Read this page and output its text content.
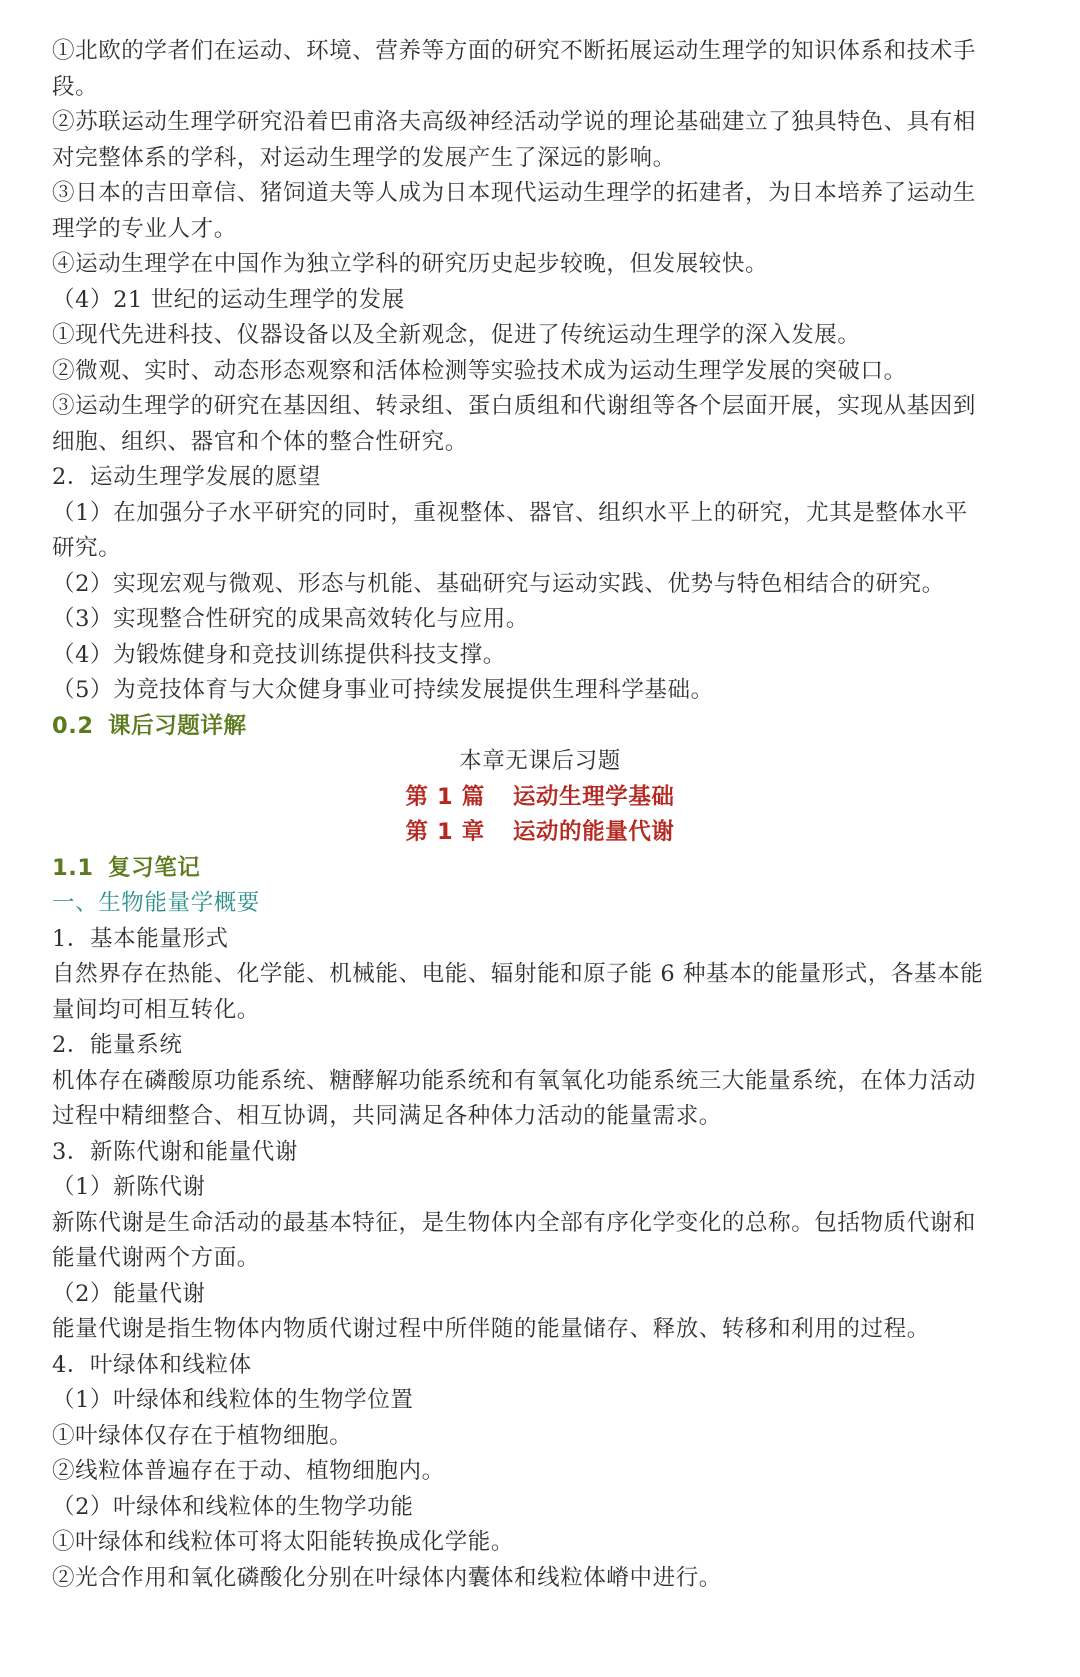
①北欧的学者们在运动、环境、营养等方面的研究不断拓展运动生理学的知识体系和技术手
段。
②苏联运动生理学研究沿着巴甫洛夫高级神经活动学说的理论基础建立了独具特色、具有相
对完整体系的学科，对运动生理学的发展产生了深远的影响。
③日本的吉田章信、猪饲道夫等人成为日本现代运动生理学的拓建者，为日本培养了运动生
理学的专业人才。
④运动生理学在中国作为独立学科的研究历史起步较晚，但发展较快。
（4）21 世纪的运动生理学的发展
①现代先进科技、仪器设备以及全新观念，促进了传统运动生理学的深入发展。
②微观、实时、动态形态观察和活体检测等实验技术成为运动生理学发展的突破口。
③运动生理学的研究在基因组、转录组、蛋白质组和代谢组等各个层面开展，实现从基因到
细胞、组织、器官和个体的整合性研究。
2．运动生理学发展的愿望
（1）在加强分子水平研究的同时，重视整体、器官、组织水平上的研究，尤其是整体水平
研究。
（2）实现宏观与微观、形态与机能、基础研究与运动实践、优势与特色相结合的研究。
（3）实现整合性研究的成果高效转化与应用。
（4）为锻炼健身和竞技训练提供科技支撑。
（5）为竞技体育与大众健身事业可持续发展提供生理科学基础。
0.2 课后习题详解
本章无课后习题
第 1 篇 运动生理学基础
第 1 章 运动的能量代谢
1.1 复习笔记
一、生物能量学概要
1．基本能量形式
自然界存在热能、化学能、机械能、电能、辐射能和原子能 6 种基本的能量形式，各基本能
量间均可相互转化。
2．能量系统
机体存在磷酸原功能系统、糖酵解功能系统和有氧氧化功能系统三大能量系统，在体力活动
过程中精细整合、相互协调，共同满足各种体力活动的能量需求。
3．新陈代谢和能量代谢
（1）新陈代谢
新陈代谢是生命活动的最基本特征，是生物体内全部有序化学变化的总称。包括物质代谢和
能量代谢两个方面。
（2）能量代谢
能量代谢是指生物体内物质代谢过程中所伴随的能量储存、释放、转移和利用的过程。
4．叶绿体和线粒体
（1）叶绿体和线粒体的生物学位置
①叶绿体仅存在于植物细胞。
②线粒体普遍存在于动、植物细胞内。
（2）叶绿体和线粒体的生物学功能
①叶绿体和线粒体可将太阳能转换成化学能。
②光合作用和氧化磷酸化分别在叶绿体内囊体和线粒体嵴中进行。
